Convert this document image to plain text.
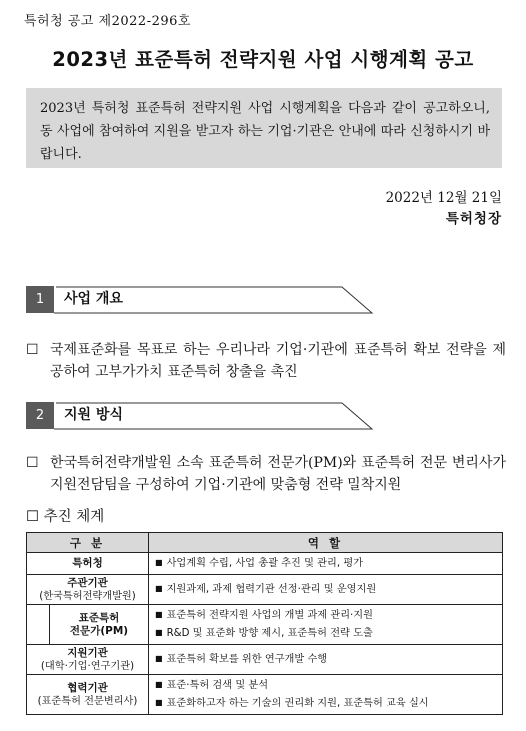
특허청 공고 제2022-296호
2023년 표준특허 전략지원 사업 시행계획 공고
2023년 특허청 표준특허 전략지원 사업 시행계획을 다음과 같이 공고하오니, 동 사업에 참여하여 지원을 받고자 하는 기업·기관은 안내에 따라 신청하시기 바랍니다.
2022년 12월 21일
특허청장
1	사업 개요
☐ 국제표준화를 목표로 하는 우리나라 기업·기관에 표준특허 확보 전략을 제공하여 고부가가치 표준특허 창출을 촉진
2	지원 방식
☐ 한국특허전략개발원 소속 표준특허 전문가(PM)와 표준특허 전문 변리사가 지원전담팀을 구성하여 기업·기관에 맞춤형 전략 밀착지원
☐ 추진 체계
구 분		역 할
특허청		■ 사업계획 수립, 사업 총괄 추진 및 관리, 평가

주관기관
(한국특허전략개발원)		■ 지원과제, 과제 협력기관 선정·관리 및 운영지원

	표준특허
전문가(PM)	■ 표준특허 전략지원 사업의 개별 과제 관리·지원
■ R&D 및 표준화 방향 제시, 표준특허 전략 도출

지원기관
(대학·기업·연구기관)		■ 표준특허 확보를 위한 연구개발 수행

협력기관
(표준특허 전문변리사)		■ 표준·특허 검색 및 분석
■ 표준화하고자 하는 기술의 권리화 지원, 표준특허 교육 실시
